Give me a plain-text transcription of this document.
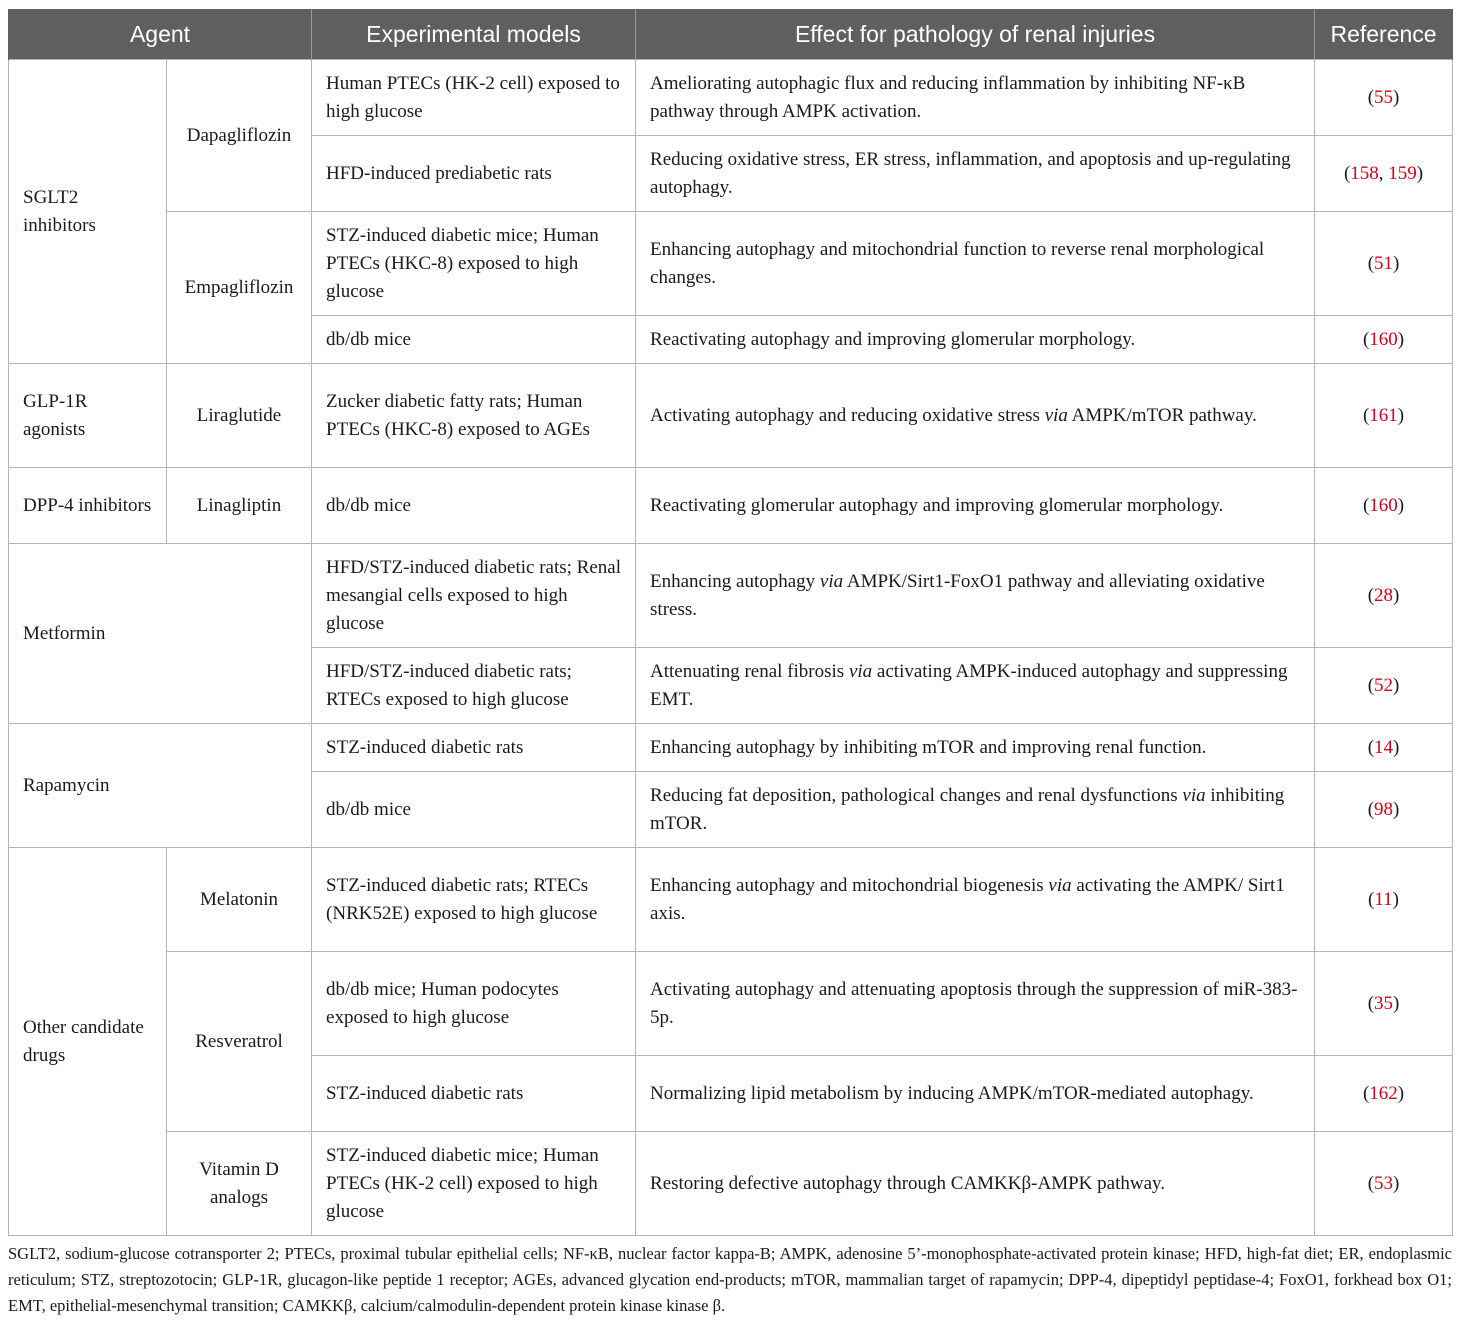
Agent		Experimental models	Effect for pathology of renal injuries	Reference
SGLT2 inhibitors	Dapagliflozin	Human PTECs (HK-2 cell) exposed to high glucose	Ameliorating autophagic flux and reducing inflammation by inhibiting NF-κB pathway through AMPK activation.	(55)
		HFD-induced prediabetic rats	Reducing oxidative stress, ER stress, inflammation, and apoptosis and up-regulating autophagy.	(158, 159)
	Empagliflozin	STZ-induced diabetic mice; Human PTECs (HKC-8) exposed to high glucose	Enhancing autophagy and mitochondrial function to reverse renal morphological changes.	(51)
		db/db mice	Reactivating autophagy and improving glomerular morphology.	(160)
GLP-1R agonists	Liraglutide	Zucker diabetic fatty rats; Human PTECs (HKC-8) exposed to AGEs	Activating autophagy and reducing oxidative stress via AMPK/mTOR pathway.	(161)
DPP-4 inhibitors	Linagliptin	db/db mice	Reactivating glomerular autophagy and improving glomerular morphology.	(160)
Metformin		HFD/STZ-induced diabetic rats; Renal mesangial cells exposed to high glucose	Enhancing autophagy via AMPK/Sirt1-FoxO1 pathway and alleviating oxidative stress.	(28)
		HFD/STZ-induced diabetic rats; RTECs exposed to high glucose	Attenuating renal fibrosis via activating AMPK-induced autophagy and suppressing EMT.	(52)
Rapamycin		STZ-induced diabetic rats	Enhancing autophagy by inhibiting mTOR and improving renal function.	(14)
		db/db mice	Reducing fat deposition, pathological changes and renal dysfunctions via inhibiting mTOR.	(98)
Other candidate drugs	Melatonin	STZ-induced diabetic rats; RTECs (NRK52E) exposed to high glucose	Enhancing autophagy and mitochondrial biogenesis via activating the AMPK/ Sirt1 axis.	(11)
	Resveratrol	db/db mice; Human podocytes exposed to high glucose	Activating autophagy and attenuating apoptosis through the suppression of miR-383-5p.	(35)
		STZ-induced diabetic rats	Normalizing lipid metabolism by inducing AMPK/mTOR-mediated autophagy.	(162)
	Vitamin D analogs	STZ-induced diabetic mice; Human PTECs (HK-2 cell) exposed to high glucose	Restoring defective autophagy through CAMKKβ-AMPK pathway.	(53)

SGLT2, sodium-glucose cotransporter 2; PTECs, proximal tubular epithelial cells; NF-κB, nuclear factor kappa-B; AMPK, adenosine 5’-monophosphate-activated protein kinase; HFD, high-fat diet; ER, endoplasmic reticulum; STZ, streptozotocin; GLP-1R, glucagon-like peptide 1 receptor; AGEs, advanced glycation end-products; mTOR, mammalian target of rapamycin; DPP-4, dipeptidyl peptidase-4; FoxO1, forkhead box O1; EMT, epithelial-mesenchymal transition; CAMKKβ, calcium/calmodulin-dependent protein kinase kinase β.
